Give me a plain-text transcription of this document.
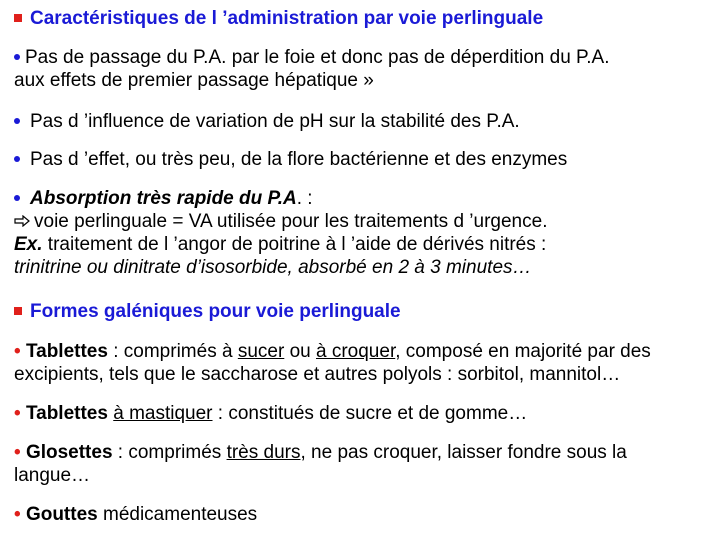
Caractéristiques de l ’administration par voie perlinguale
Pas de passage du P.A. par le foie et donc pas de déperdition du P.A.
aux effets de premier passage hépatique »
Pas d ’influence de variation de pH sur la stabilité des P.A.
Pas d ’effet, ou très peu, de la flore bactérienne et des enzymes
Absorption très rapide du P.A. :
voie perlinguale = VA utilisée pour les traitements d ’urgence.
Ex. traitement de l ’angor de poitrine à l ’aide de dérivés nitrés :
trinitrine ou dinitrate d’isosorbide, absorbé en 2 à 3 minutes…
Formes galéniques pour voie perlinguale
• Tablettes : comprimés à sucer ou à croquer, composé en majorité par des
excipients, tels que le saccharose et autres polyols : sorbitol, mannitol…
• Tablettes à mastiquer : constitués de sucre et de gomme…
• Glosettes : comprimés très durs, ne pas croquer, laisser fondre sous la
langue…
• Gouttes médicamenteuses
